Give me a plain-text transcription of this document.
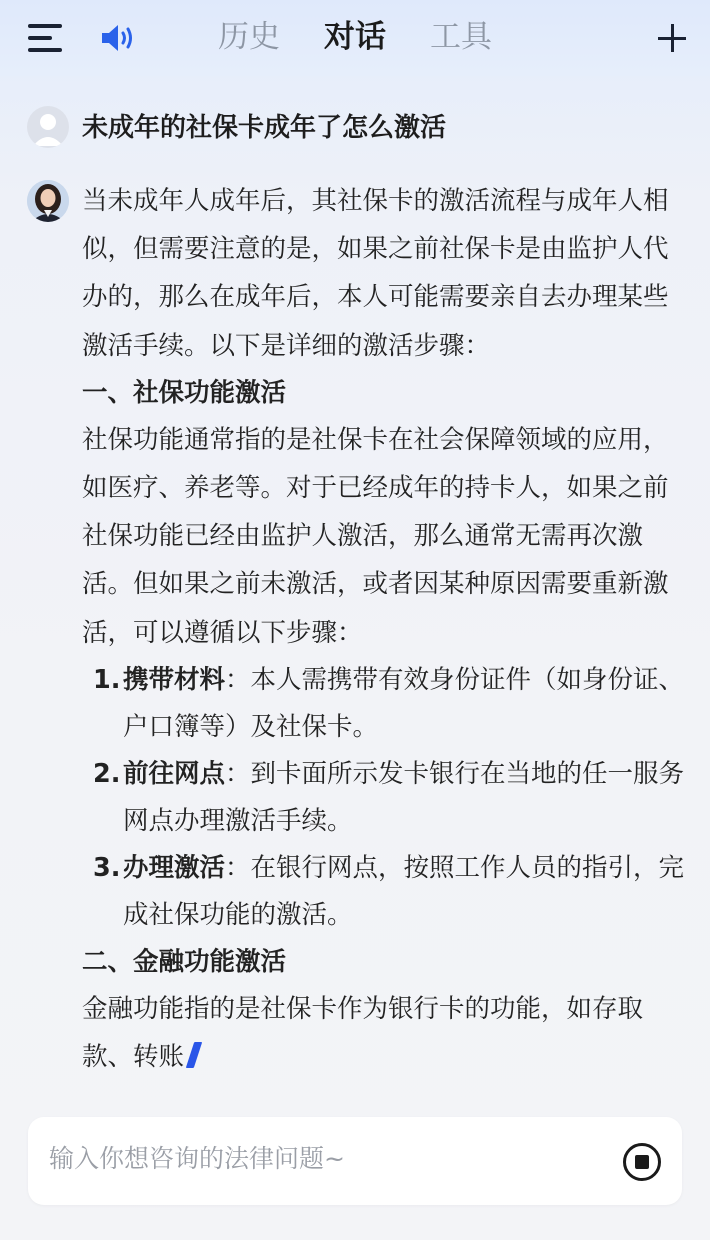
历史 对话 工具
未成年的社保卡成年了怎么激活
当未成年人成年后，其社保卡的激活流程与成年人相似，但需要注意的是，如果之前社保卡是由监护人代办的，那么在成年后，本人可能需要亲自去办理某些激活手续。以下是详细的激活步骤：
一、社保功能激活
社保功能通常指的是社保卡在社会保障领域的应用，如医疗、养老等。对于已经成年的持卡人，如果之前社保功能已经由监护人激活，那么通常无需再次激活。但如果之前未激活，或者因某种原因需要重新激活，可以遵循以下步骤：
1. 携带材料：本人需携带有效身份证件（如身份证、户口簿等）及社保卡。
2. 前往网点：到卡面所示发卡银行在当地的任一服务网点办理激活手续。
3. 办理激活：在银行网点，按照工作人员的指引，完成社保功能的激活。
二、金融功能激活
金融功能指的是社保卡作为银行卡的功能，如存取款、转账
输入你想咨询的法律问题~
